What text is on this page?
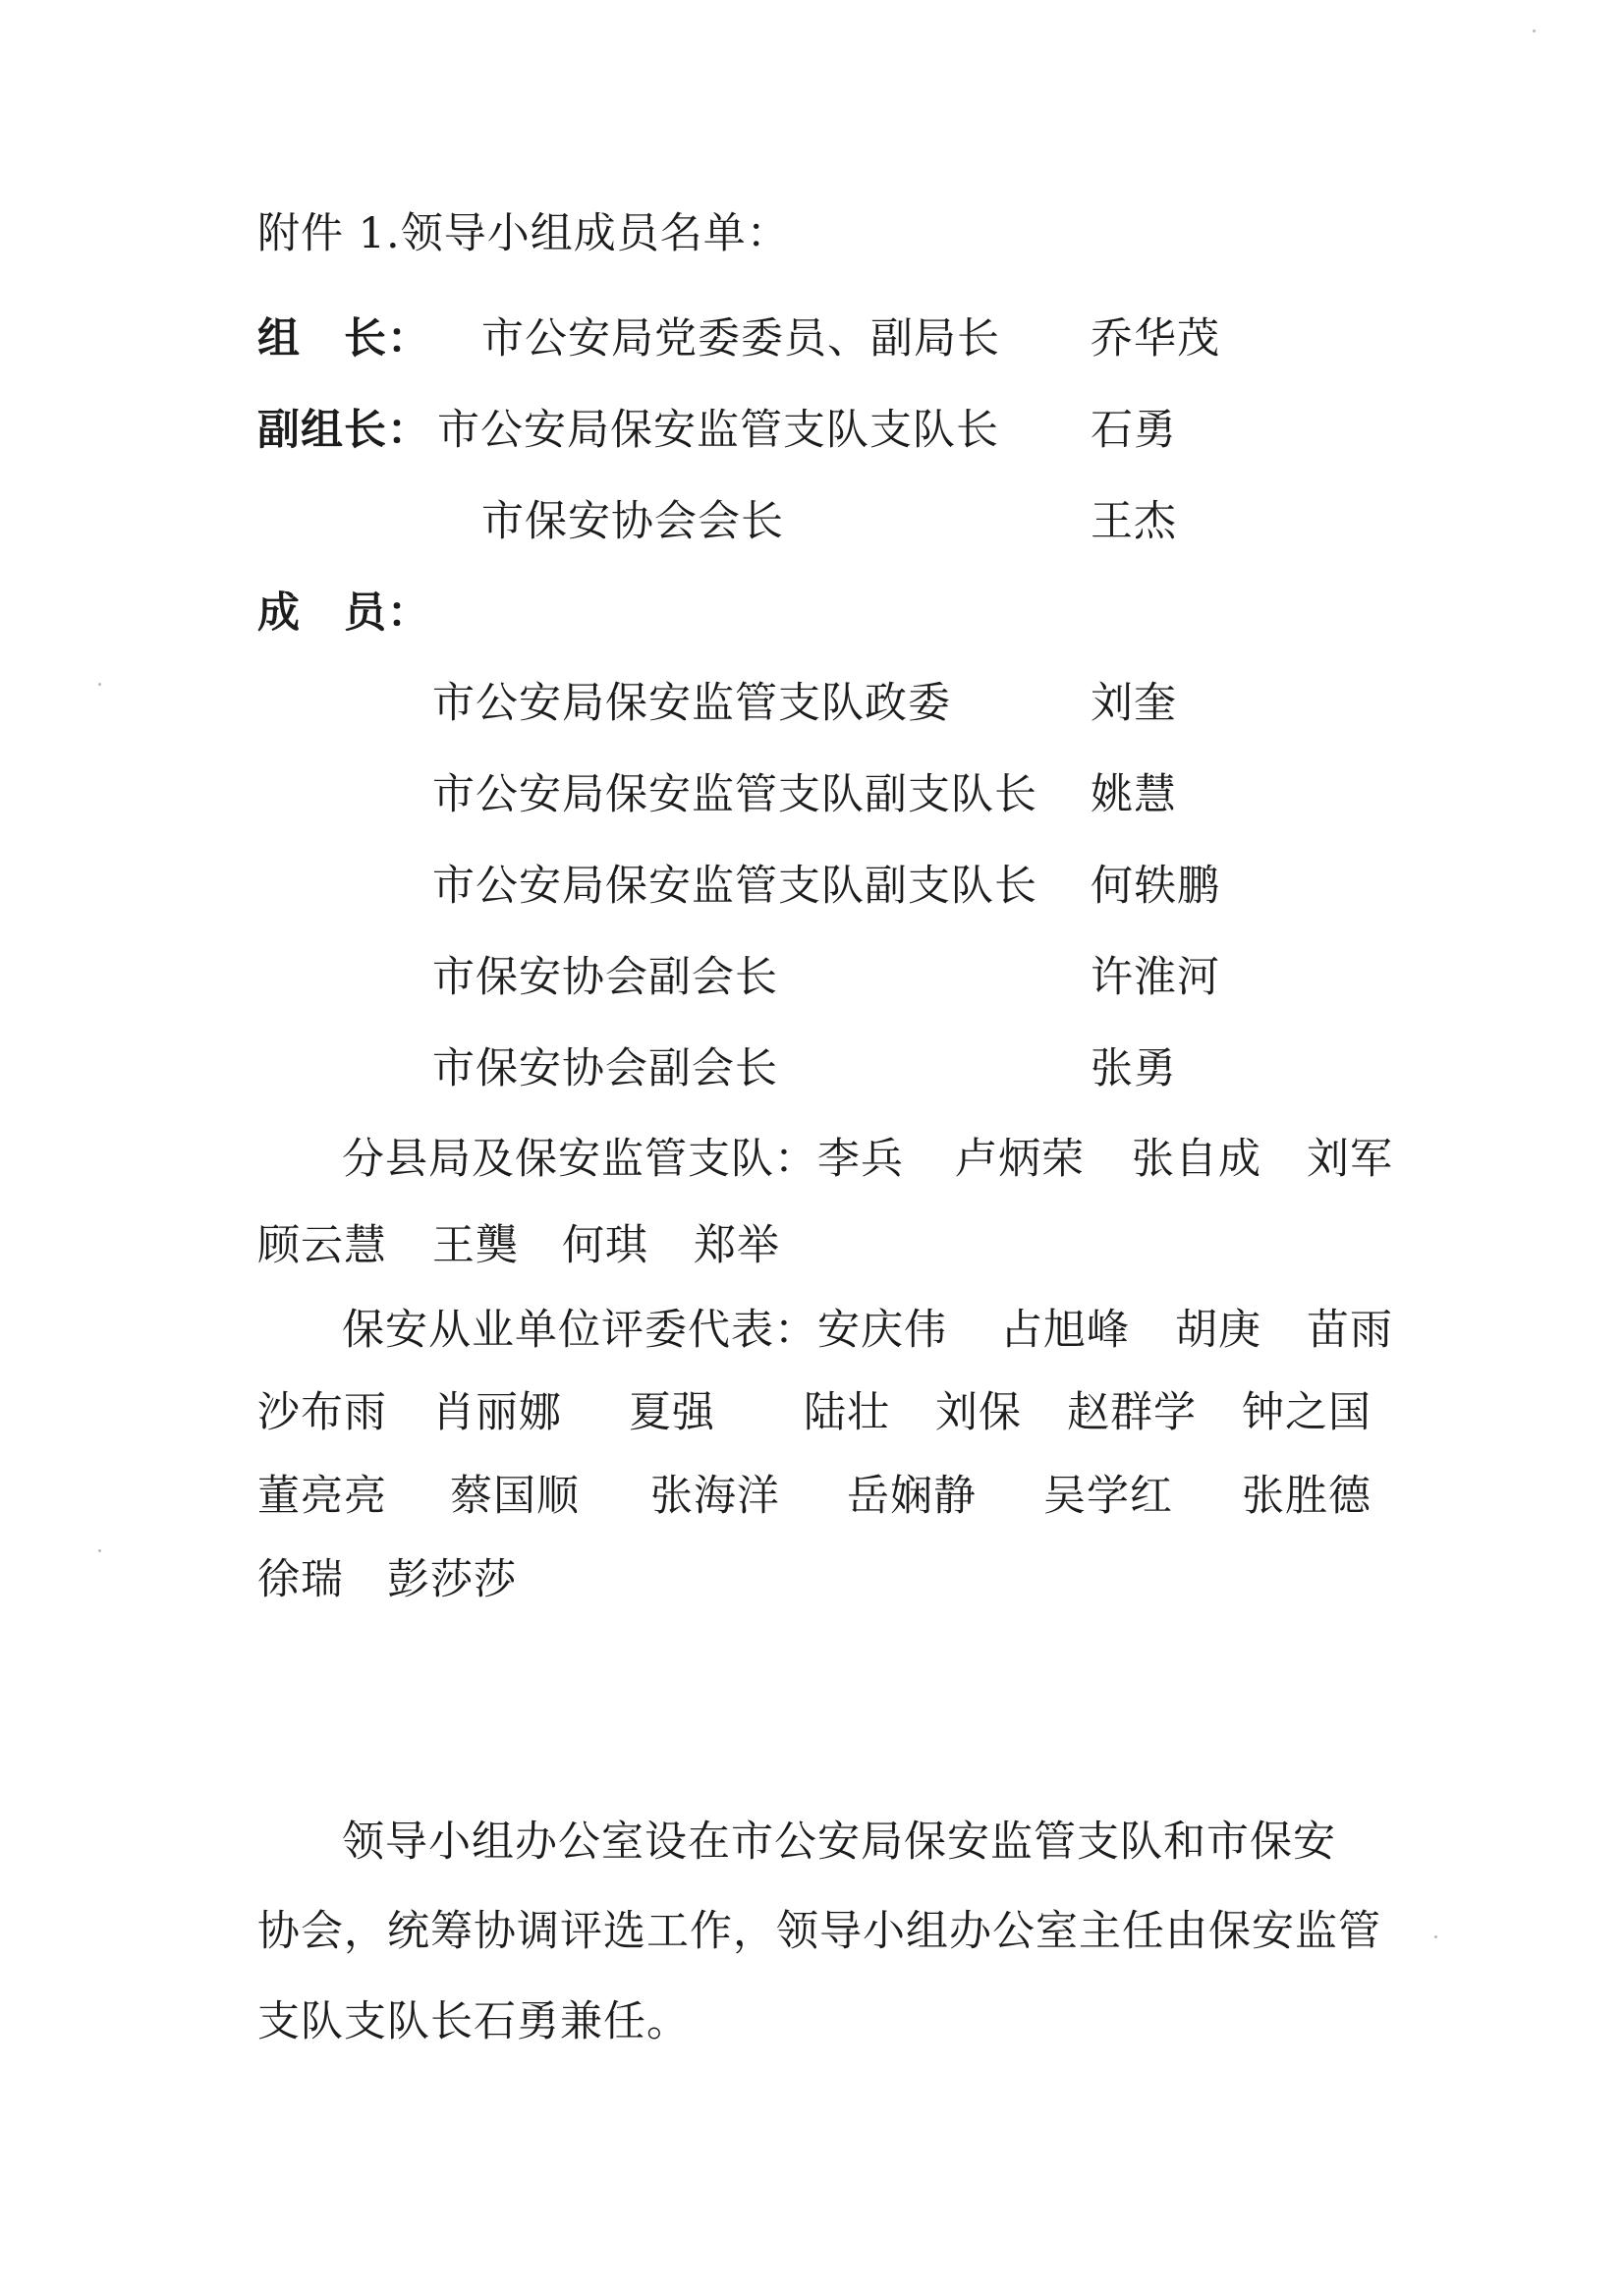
附件 1.领导小组成员名单：
组　长： 市公安局党委委员、副局长 乔华茂
副组长： 市公安局保安监管支队支队长 石勇
市保安协会会长	王杰
成　员：
市公安局保安监管支队政委	刘奎
市公安局保安监管支队副支队长 姚慧
市公安局保安监管支队副支队长 何轶鹏
市保安协会副会长	许淮河
市保安协会副会长	张勇
分县局及保安监管支队： 李兵 卢炳荣 张自成 刘军
顾云慧 王龑 何琪 郑举
保安从业单位评委代表： 安庆伟 占旭峰 胡庚 苗雨
沙布雨 肖丽娜 夏强 陆壮 刘保 赵群学 钟之国
董亮亮 蔡国顺 张海洋 岳娴静 吴学红 张胜德
徐瑞 彭莎莎
领导小组办公室设在市公安局保安监管支队和市保安
协会，统筹协调评选工作，领导小组办公室主任由保安监管
支队支队长石勇兼任。
